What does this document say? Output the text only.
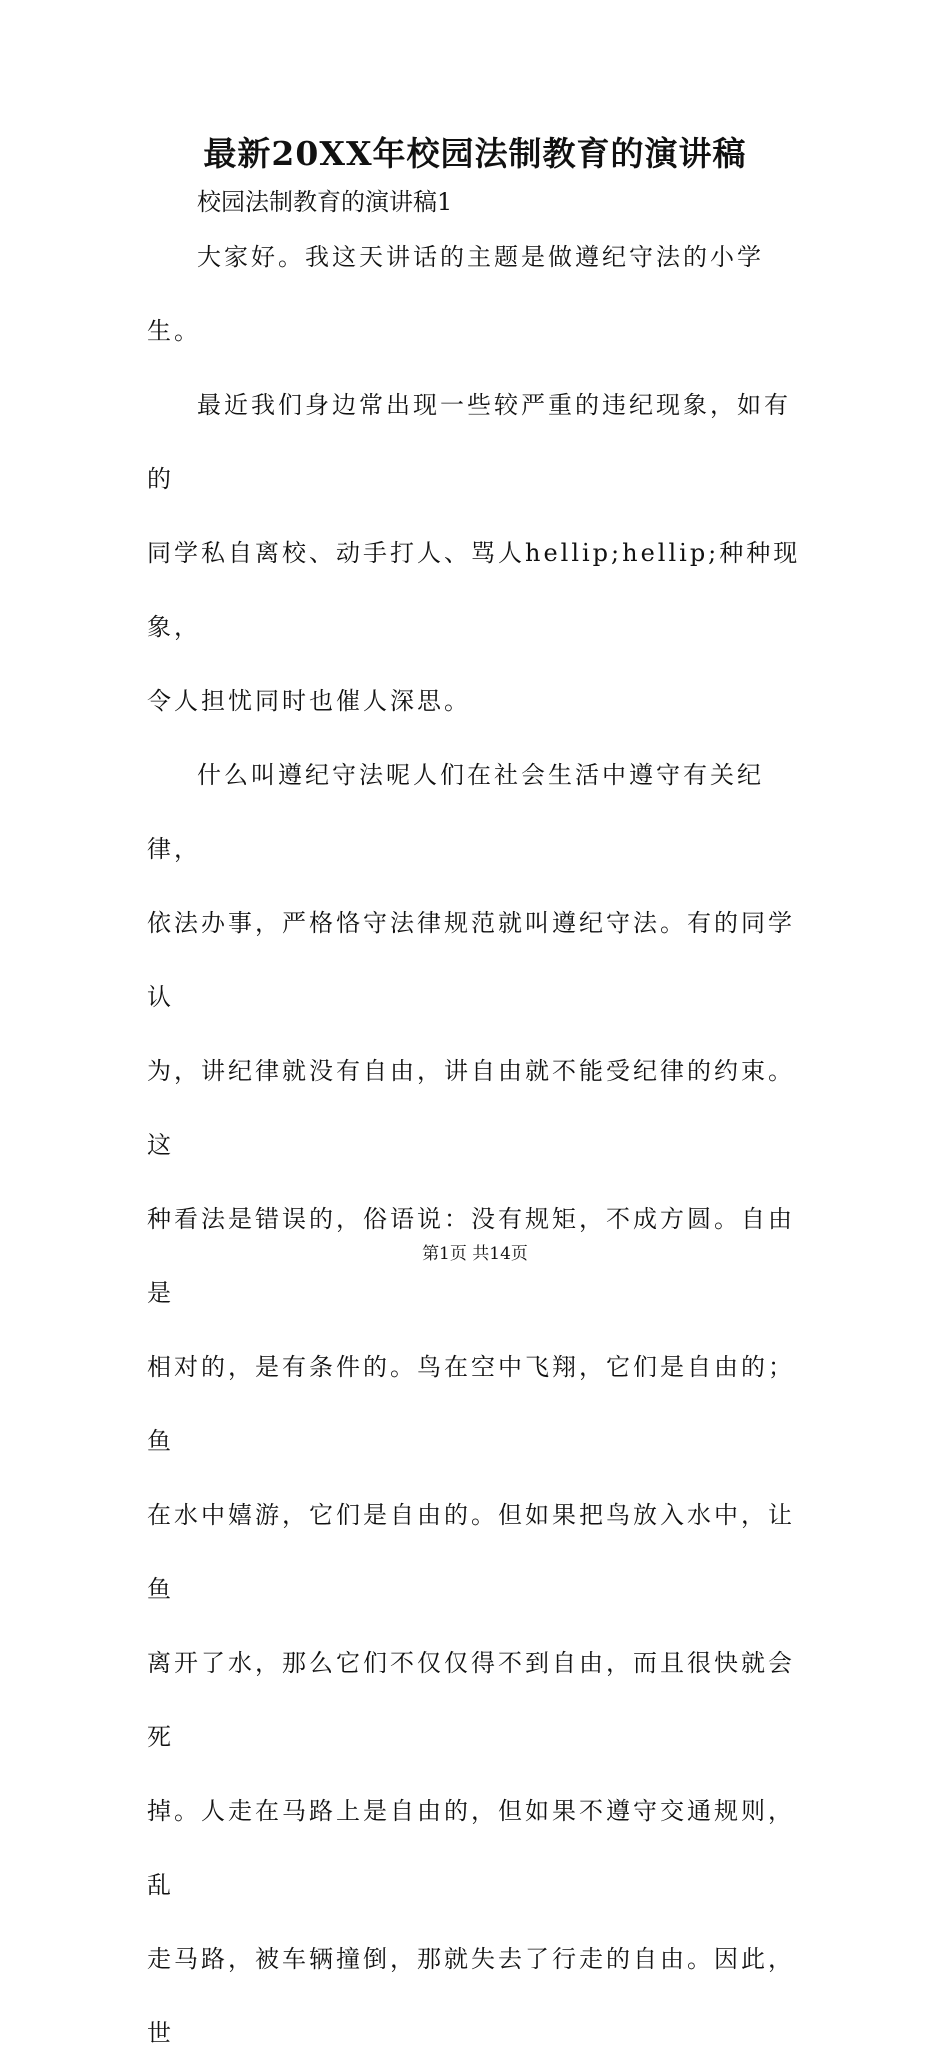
最新20XX年校园法制教育的演讲稿
校园法制教育的演讲稿1

大家好。我这天讲话的主题是做遵纪守法的小学生。

最近我们身边常出现一些较严重的违纪现象，如有的
同学私自离校、动手打人、骂人hellip;hellip;种种现象，
令人担忧同时也催人深思。

什么叫遵纪守法呢人们在社会生活中遵守有关纪律，
依法办事，严格恪守法律规范就叫遵纪守法。有的同学认
为，讲纪律就没有自由，讲自由就不能受纪律的约束。这
种看法是错误的，俗语说：没有规矩，不成方圆。自由是
相对的，是有条件的。鸟在空中飞翔，它们是自由的；鱼
在水中嬉游，它们是自由的。但如果把鸟放入水中，让鱼
离开了水，那么它们不仅仅得不到自由，而且很快就会死
掉。人走在马路上是自由的，但如果不遵守交通规则，乱
走马路，被车辆撞倒，那就失去了行走的自由。因此，世

第1页 共14页
